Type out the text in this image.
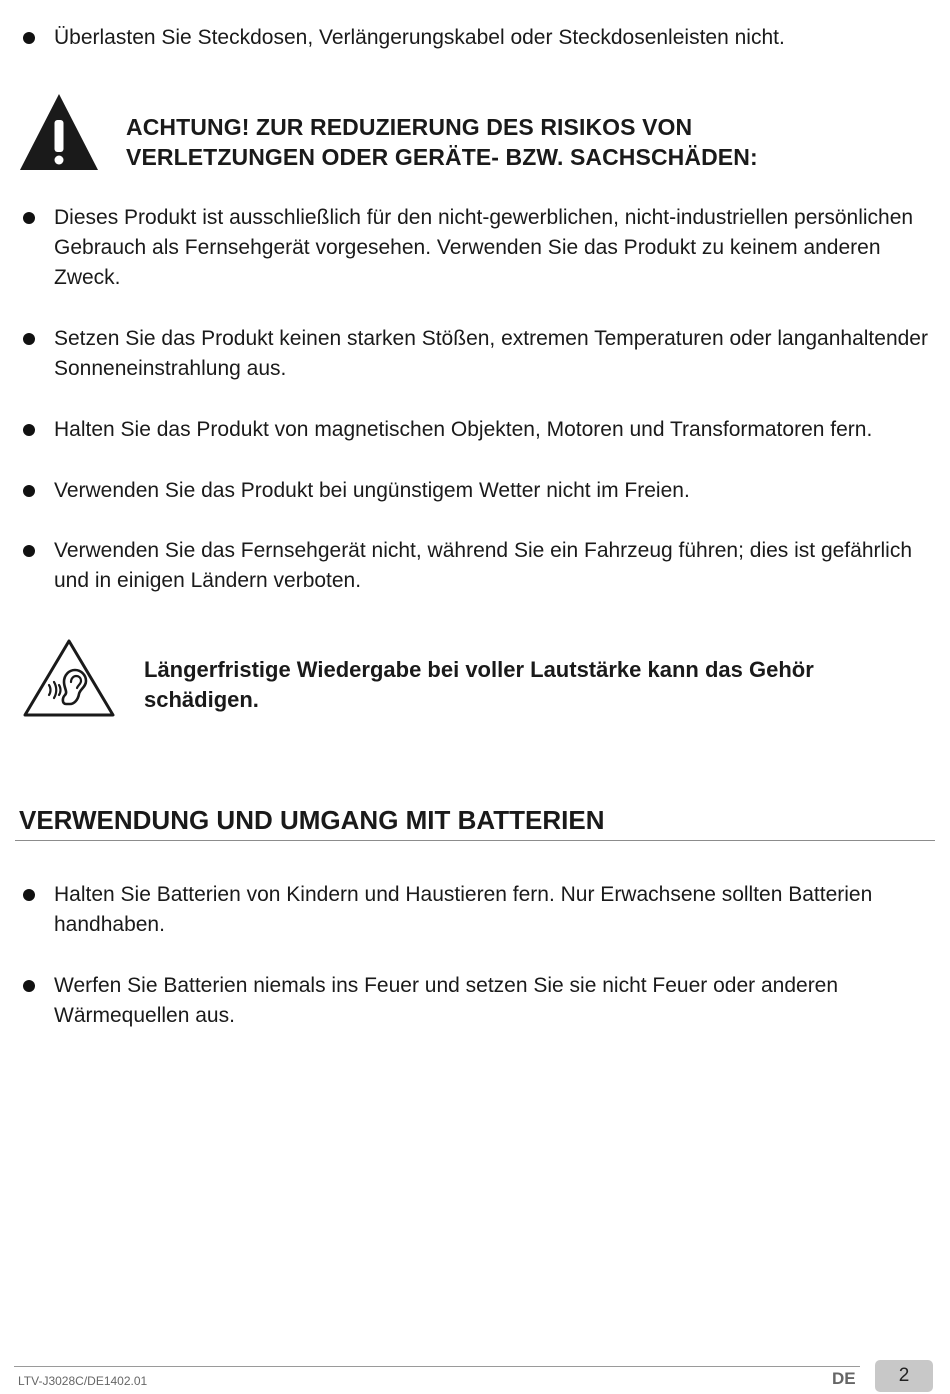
Überlasten Sie Steckdosen, Verlängerungskabel oder Steckdosenleisten nicht.
ACHTUNG! ZUR REDUZIERUNG DES RISIKOS VON
VERLETZUNGEN ODER GERÄTE- BZW. SACHSCHÄDEN:
Dieses Produkt ist ausschließlich für den nicht-gewerblichen, nicht-industriellen persönlichen Gebrauch als Fernsehgerät vorgesehen. Verwenden Sie das Produkt zu keinem anderen Zweck.
Setzen Sie das Produkt keinen starken Stößen, extremen Temperaturen oder langanhaltender Sonneneinstrahlung aus.
Halten Sie das Produkt von magnetischen Objekten, Motoren und Transformatoren fern.
Verwenden Sie das Produkt bei ungünstigem Wetter nicht im Freien.
Verwenden Sie das Fernsehgerät nicht, während Sie ein Fahrzeug führen; dies ist gefährlich und in einigen Ländern verboten.
Längerfristige Wiedergabe bei voller Lautstärke kann das Gehör schädigen.
VERWENDUNG UND UMGANG MIT BATTERIEN
Halten Sie Batterien von Kindern und Haustieren fern. Nur Erwachsene sollten Batterien handhaben.
Werfen Sie Batterien niemals ins Feuer und setzen Sie sie nicht Feuer oder anderen Wärmequellen aus.
LTV-J3028C/DE1402.01	DE	2
